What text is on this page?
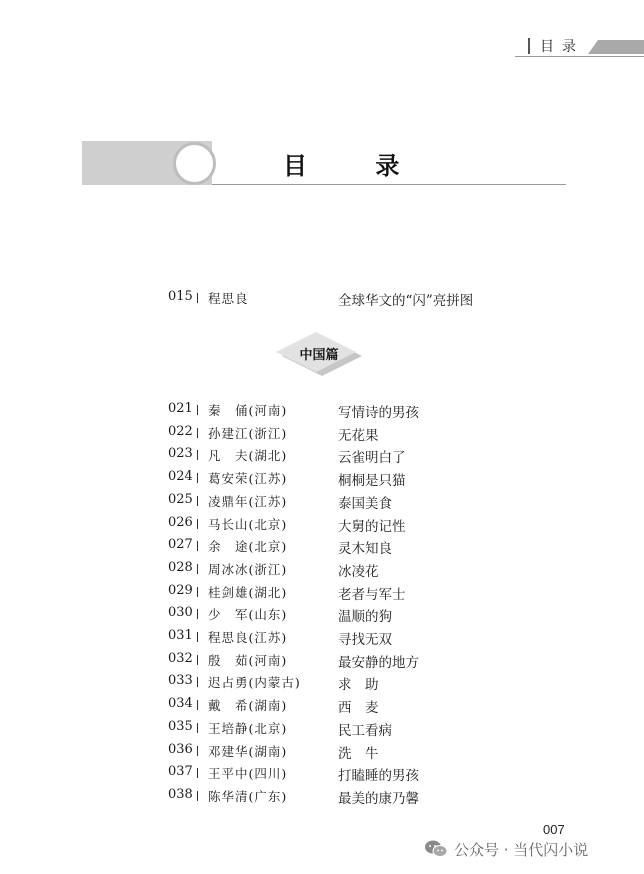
目录
目 录
015 程思良	全球华文的“闪”亮拼图
中国篇
021 秦　俑(河南)	写情诗的男孩
022 孙建江(浙江)	无花果
023 凡　夫(湖北)	云雀明白了
024 葛安荣(江苏)	桐桐是只猫
025 凌鼎年(江苏)	泰国美食
026 马长山(北京)	大舅的记性
027 余　途(北京)	灵木知良
028 周冰冰(浙江)	冰凌花
029 桂剑雄(湖北)	老者与军士
030 少　军(山东)	温顺的狗
031 程思良(江苏)	寻找无双
032 殷　茹(河南)	最安静的地方
033 迟占勇(内蒙古)	求　助
034 戴　希(湖南)	西　麦
035 王培静(北京)	民工看病
036 邓建华(湖南)	洗　牛
037 王平中(四川)	打瞌睡的男孩
038 陈华清(广东)	最美的康乃馨
007
公众号 · 当代闪小说
